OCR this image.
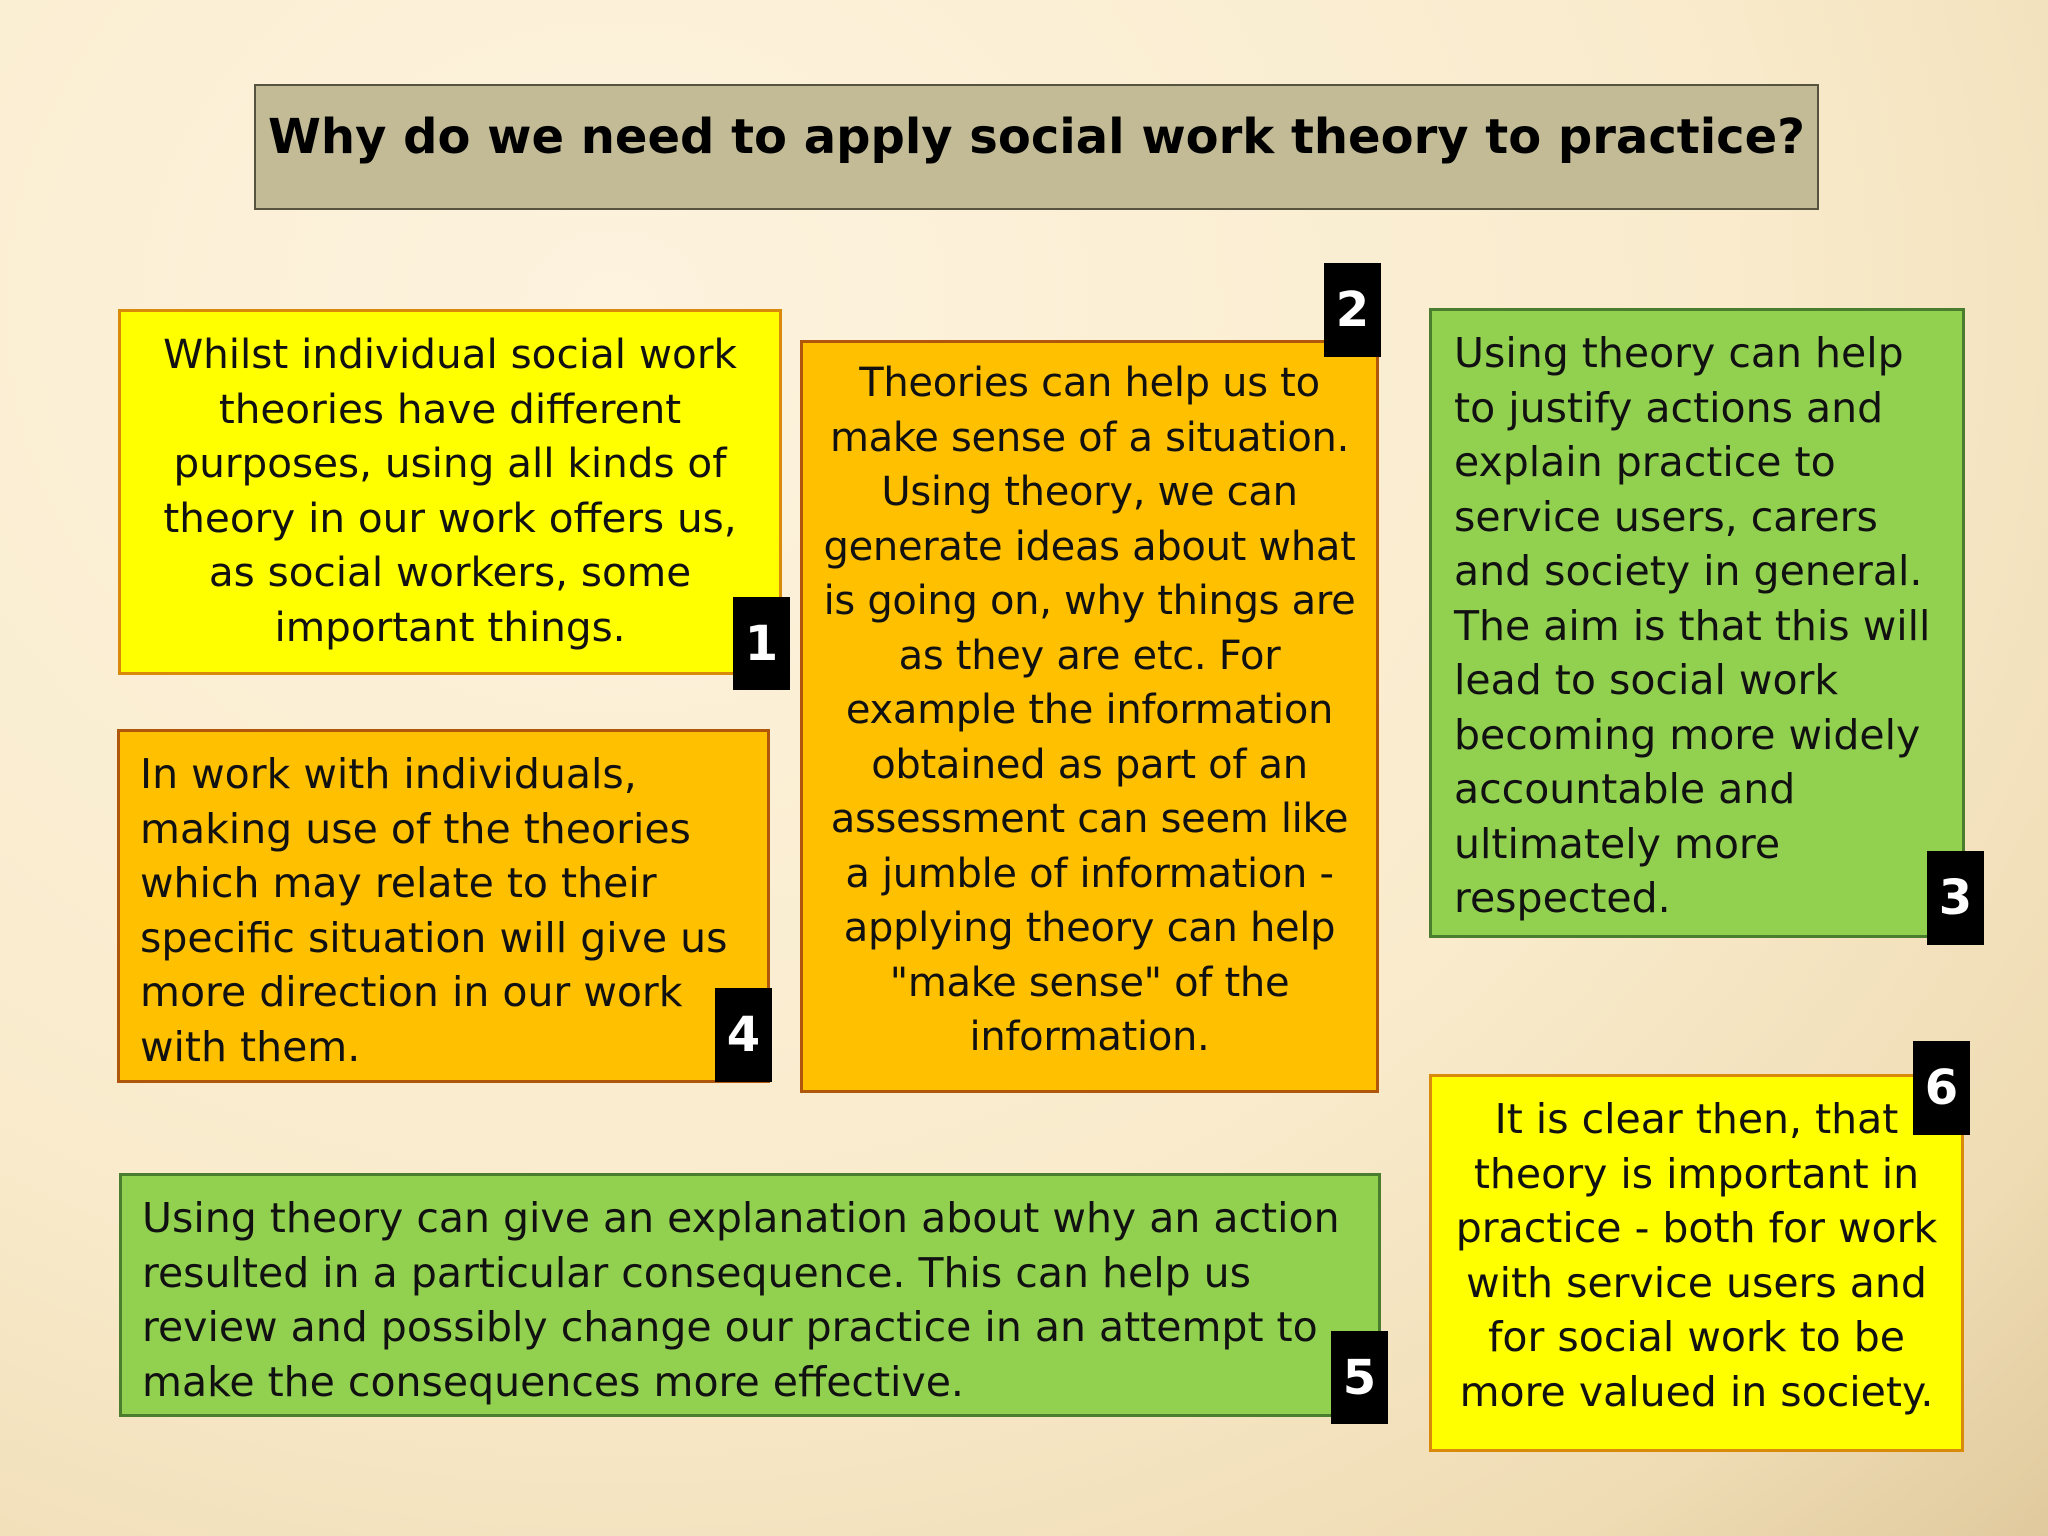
Why do we need to apply social work theory to practice?

Whilst individual social work theories have different purposes, using all kinds of theory in our work offers us, as social workers, some important things.	1

Theories can help us to make sense of a situation. Using theory, we can generate ideas about what is going on, why things are as they are etc. For example the information obtained as part of an assessment can seem like a jumble of information - applying theory can help "make sense" of the information.

2

Using theory can help to justify actions and explain practice to service users, carers and society in general. The aim is that this will lead to social work becoming more widely accountable and ultimately more respected.	3

In work with individuals, making use of the theories which may relate to their specific situation will give us more direction in our work with them.	4

Using theory can give an explanation about why an action resulted in a particular consequence. This can help us review and possibly change our practice in an attempt to make the consequences more effective.	5

It is clear then, that theory is important in practice - both for work with service users and for social work to be more valued in society.

6
